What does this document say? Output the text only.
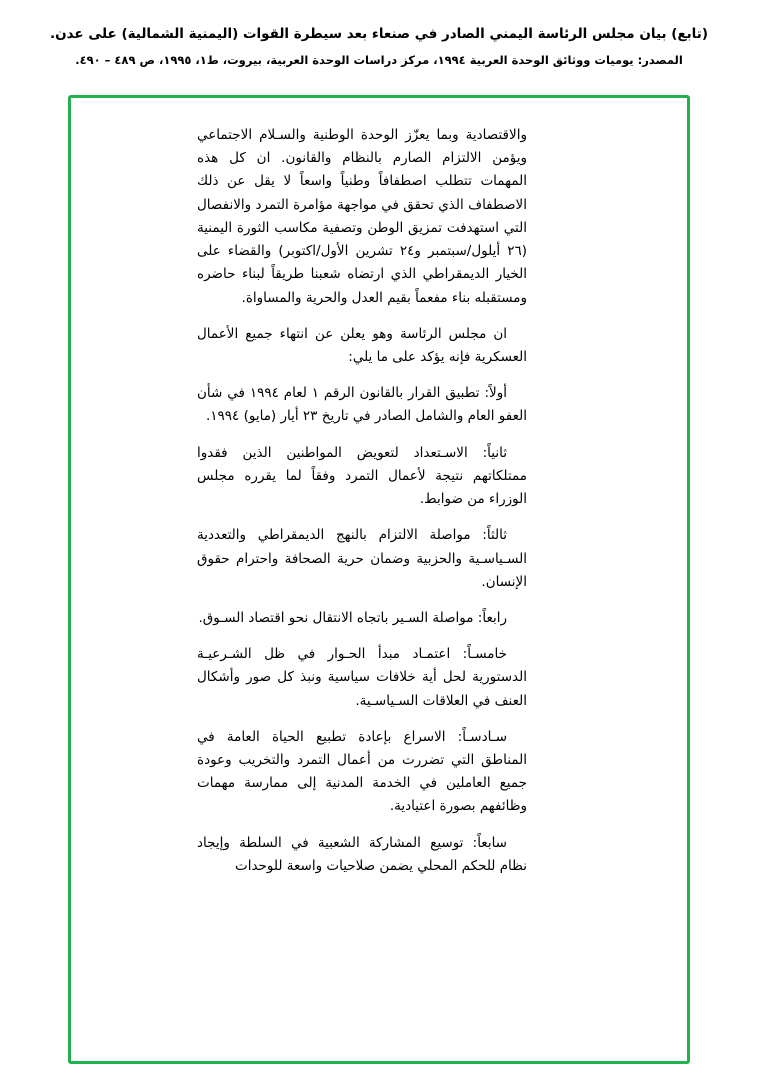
(تابع) بيان مجلس الرئاسة اليمني الصادر في صنعاء بعد سيطرة القوات (اليمنية الشمالية) على عدن.
المصدر: يوميات ووثائق الوحدة العربية ١٩٩٤، مركز دراسات الوحدة العربية، بيروت، ط١، ١٩٩٥، ص ٤٨٩ – ٤٩٠.

والاقتصادية وبما يعزّز الوحدة الوطنية والسـلام الاجتماعي ويؤمن الالتزام الصارم بالنظام والقانون. ان كل هذه المهمات تتطلب اصطفافاً وطنياً واسعاً لا يقل عن ذلك الاصطفاف الذي تحقق في مواجهة مؤامرة التمرد والانفصال التي استهدفت تمزيق الوطن وتصفية مكاسب الثورة اليمنية (٢٦ أيلول/سبتمبر و٢٤ تشرين الأول/اكتوبر) والقضاء على الخيار الديمقراطي الذي ارتضاه شعبنا طريقاً لبناء حاضره ومستقبله بناء مفعماً بقيم العدل والحرية والمساواة.

ان مجلس الرئاسة وهو يعلن عن انتهاء جميع الأعمال العسكرية فإنه يؤكد على ما يلي:

أولاً: تطبيق القرار بالقانون الرقم ١ لعام ١٩٩٤ في شأن العفو العام والشامل الصادر في تاريخ ٢٣ أيار (مايو) ١٩٩٤.

ثانياً: الاسـتعداد لتعويض المواطنين الذين فقدوا ممتلكاتهم نتيجة لأعمال التمرد وفقاً لما يقرره مجلس الوزراء من ضوابط.

ثالثاً: مواصلة الالتزام بالنهج الديمقراطي والتعددية السـياسـية والحزبية وضمان حرية الصحافة واحترام حقوق الإنسان.

رابعاً: مواصلة السـير باتجاه الانتقال نحو اقتصاد السـوق.

خامسـاً: اعتمـاد مبدأ الحـوار في ظل الشـرعيـة الدستورية لحل أية خلافات سياسية ونبذ كل صور وأشكال العنف في العلاقات السـياسـية.

سـادسـاً: الاسراع بإعادة تطبيع الحياة العامة في المناطق التي تضررت من أعمال التمرد والتخريب وعودة جميع العاملين في الخدمة المدنية إلى ممارسة مهمات وظائفهم بصورة اعتيادية.

سابعاً: توسيع المشاركة الشعبية في السلطة وإيجاد نظام للحكم المحلي يضمن صلاحيات واسعة للوحدات
